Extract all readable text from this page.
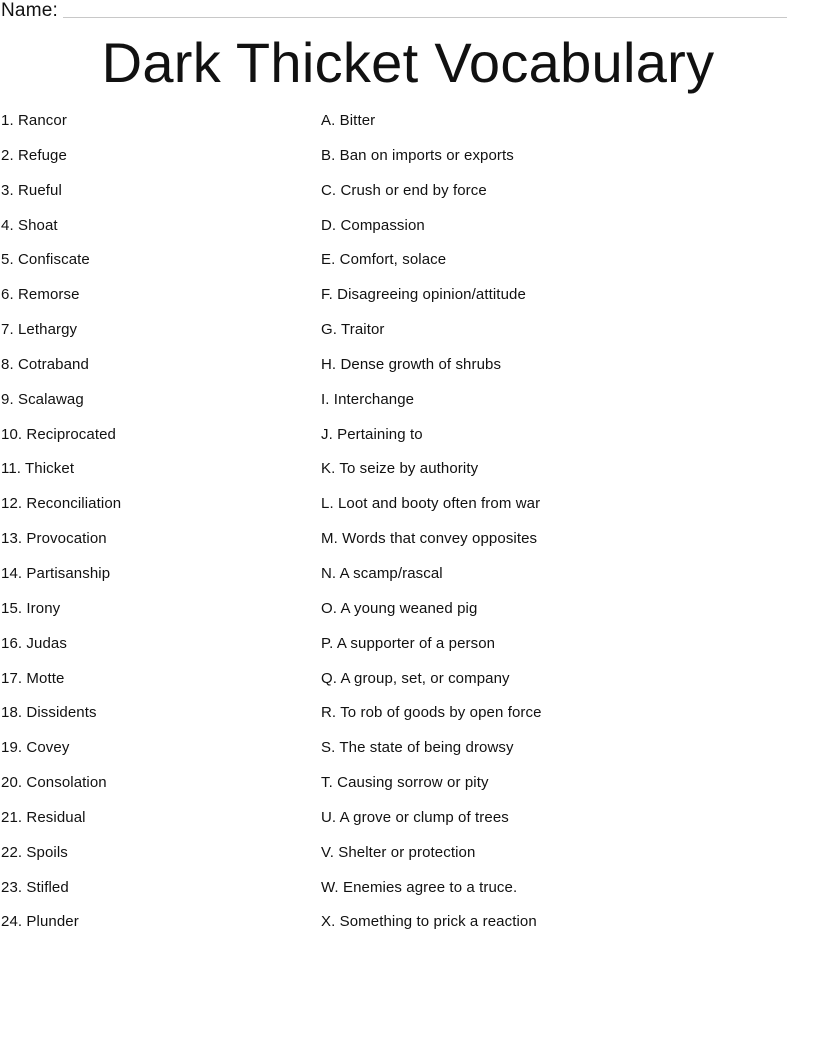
Name:
Dark Thicket Vocabulary
1. Rancor
2. Refuge
3. Rueful
4. Shoat
5. Confiscate
6. Remorse
7. Lethargy
8. Cotraband
9. Scalawag
10. Reciprocated
11. Thicket
12. Reconciliation
13. Provocation
14. Partisanship
15. Irony
16. Judas
17. Motte
18. Dissidents
19. Covey
20. Consolation
21. Residual
22. Spoils
23. Stifled
24. Plunder
A. Bitter
B. Ban on imports or exports
C. Crush or end by force
D. Compassion
E. Comfort, solace
F. Disagreeing opinion/attitude
G. Traitor
H. Dense growth of shrubs
I. Interchange
J. Pertaining to
K. To seize by authority
L. Loot and booty often from war
M. Words that convey opposites
N. A scamp/rascal
O. A young weaned pig
P. A supporter of a person
Q. A group, set, or company
R. To rob of goods by open force
S. The state of being drowsy
T. Causing sorrow or pity
U. A grove or clump of trees
V. Shelter or protection
W. Enemies agree to a truce.
X. Something to prick a reaction
